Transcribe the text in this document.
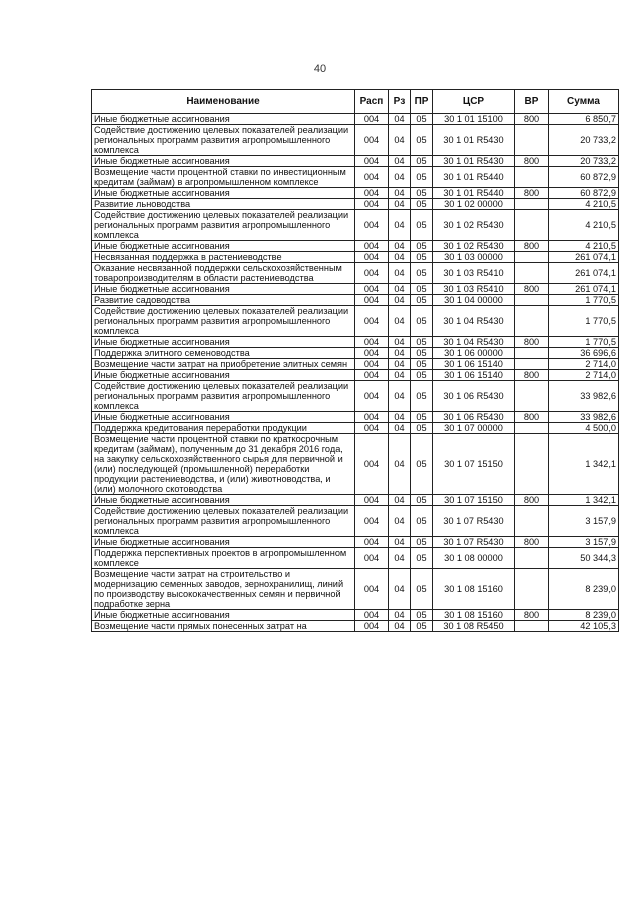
40
Наименование	Расп	Рз	ПР	ЦСР	ВР	Сумма
Иные бюджетные ассигнования	004	04	05	30 1 01 15100	800	6 850,7
Содействие достижению целевых показателей реализации региональных программ развития агропромышленного комплекса	004	04	05	30 1 01 R5430		20 733,2
Иные бюджетные ассигнования	004	04	05	30 1 01 R5430	800	20 733,2
Возмещение части процентной ставки по инвестиционным кредитам (займам) в агропромышленном комплексе	004	04	05	30 1 01 R5440		60 872,9
Иные бюджетные ассигнования	004	04	05	30 1 01 R5440	800	60 872,9
Развитие льноводства	004	04	05	30 1 02 00000		4 210,5
Содействие достижению целевых показателей реализации региональных программ развития агропромышленного комплекса	004	04	05	30 1 02 R5430		4 210,5
Иные бюджетные ассигнования	004	04	05	30 1 02 R5430	800	4 210,5
Несвязанная поддержка в растениеводстве	004	04	05	30 1 03 00000		261 074,1
Оказание несвязанной поддержки сельскохозяйственным товаропроизводителям в области растениеводства	004	04	05	30 1 03 R5410		261 074,1
Иные бюджетные ассигнования	004	04	05	30 1 03 R5410	800	261 074,1
Развитие садоводства	004	04	05	30 1 04 00000		1 770,5
Содействие достижению целевых показателей реализации региональных программ развития агропромышленного комплекса	004	04	05	30 1 04 R5430		1 770,5
Иные бюджетные ассигнования	004	04	05	30 1 04 R5430	800	1 770,5
Поддержка элитного семеноводства	004	04	05	30 1 06 00000		36 696,6
Возмещение части затрат на приобретение элитных семян	004	04	05	30 1 06 15140		2 714,0
Иные бюджетные ассигнования	004	04	05	30 1 06 15140	800	2 714,0
Содействие достижению целевых показателей реализации региональных программ развития агропромышленного комплекса	004	04	05	30 1 06 R5430		33 982,6
Иные бюджетные ассигнования	004	04	05	30 1 06 R5430	800	33 982,6
Поддержка кредитования переработки продукции	004	04	05	30 1 07 00000		4 500,0
Возмещение части процентной ставки по краткосрочным кредитам (займам), полученным до 31 декабря 2016 года, на закупку сельскохозяйственного сырья для первичной и (или) последующей (промышленной) переработки продукции растениеводства, и (или) животноводства, и (или) молочного скотоводства	004	04	05	30 1 07 15150		1 342,1
Иные бюджетные ассигнования	004	04	05	30 1 07 15150	800	1 342,1
Содействие достижению целевых показателей реализации региональных программ развития агропромышленного комплекса	004	04	05	30 1 07 R5430		3 157,9
Иные бюджетные ассигнования	004	04	05	30 1 07 R5430	800	3 157,9
Поддержка перспективных проектов в агропромышленном комплексе	004	04	05	30 1 08 00000		50 344,3
Возмещение части затрат на строительство и модернизацию семенных заводов, зернохранилищ, линий по производству высококачественных семян и первичной подработке зерна	004	04	05	30 1 08 15160		8 239,0
Иные бюджетные ассигнования	004	04	05	30 1 08 15160	800	8 239,0
Возмещение части прямых понесенных затрат на	004	04	05	30 1 08 R5450		42 105,3
